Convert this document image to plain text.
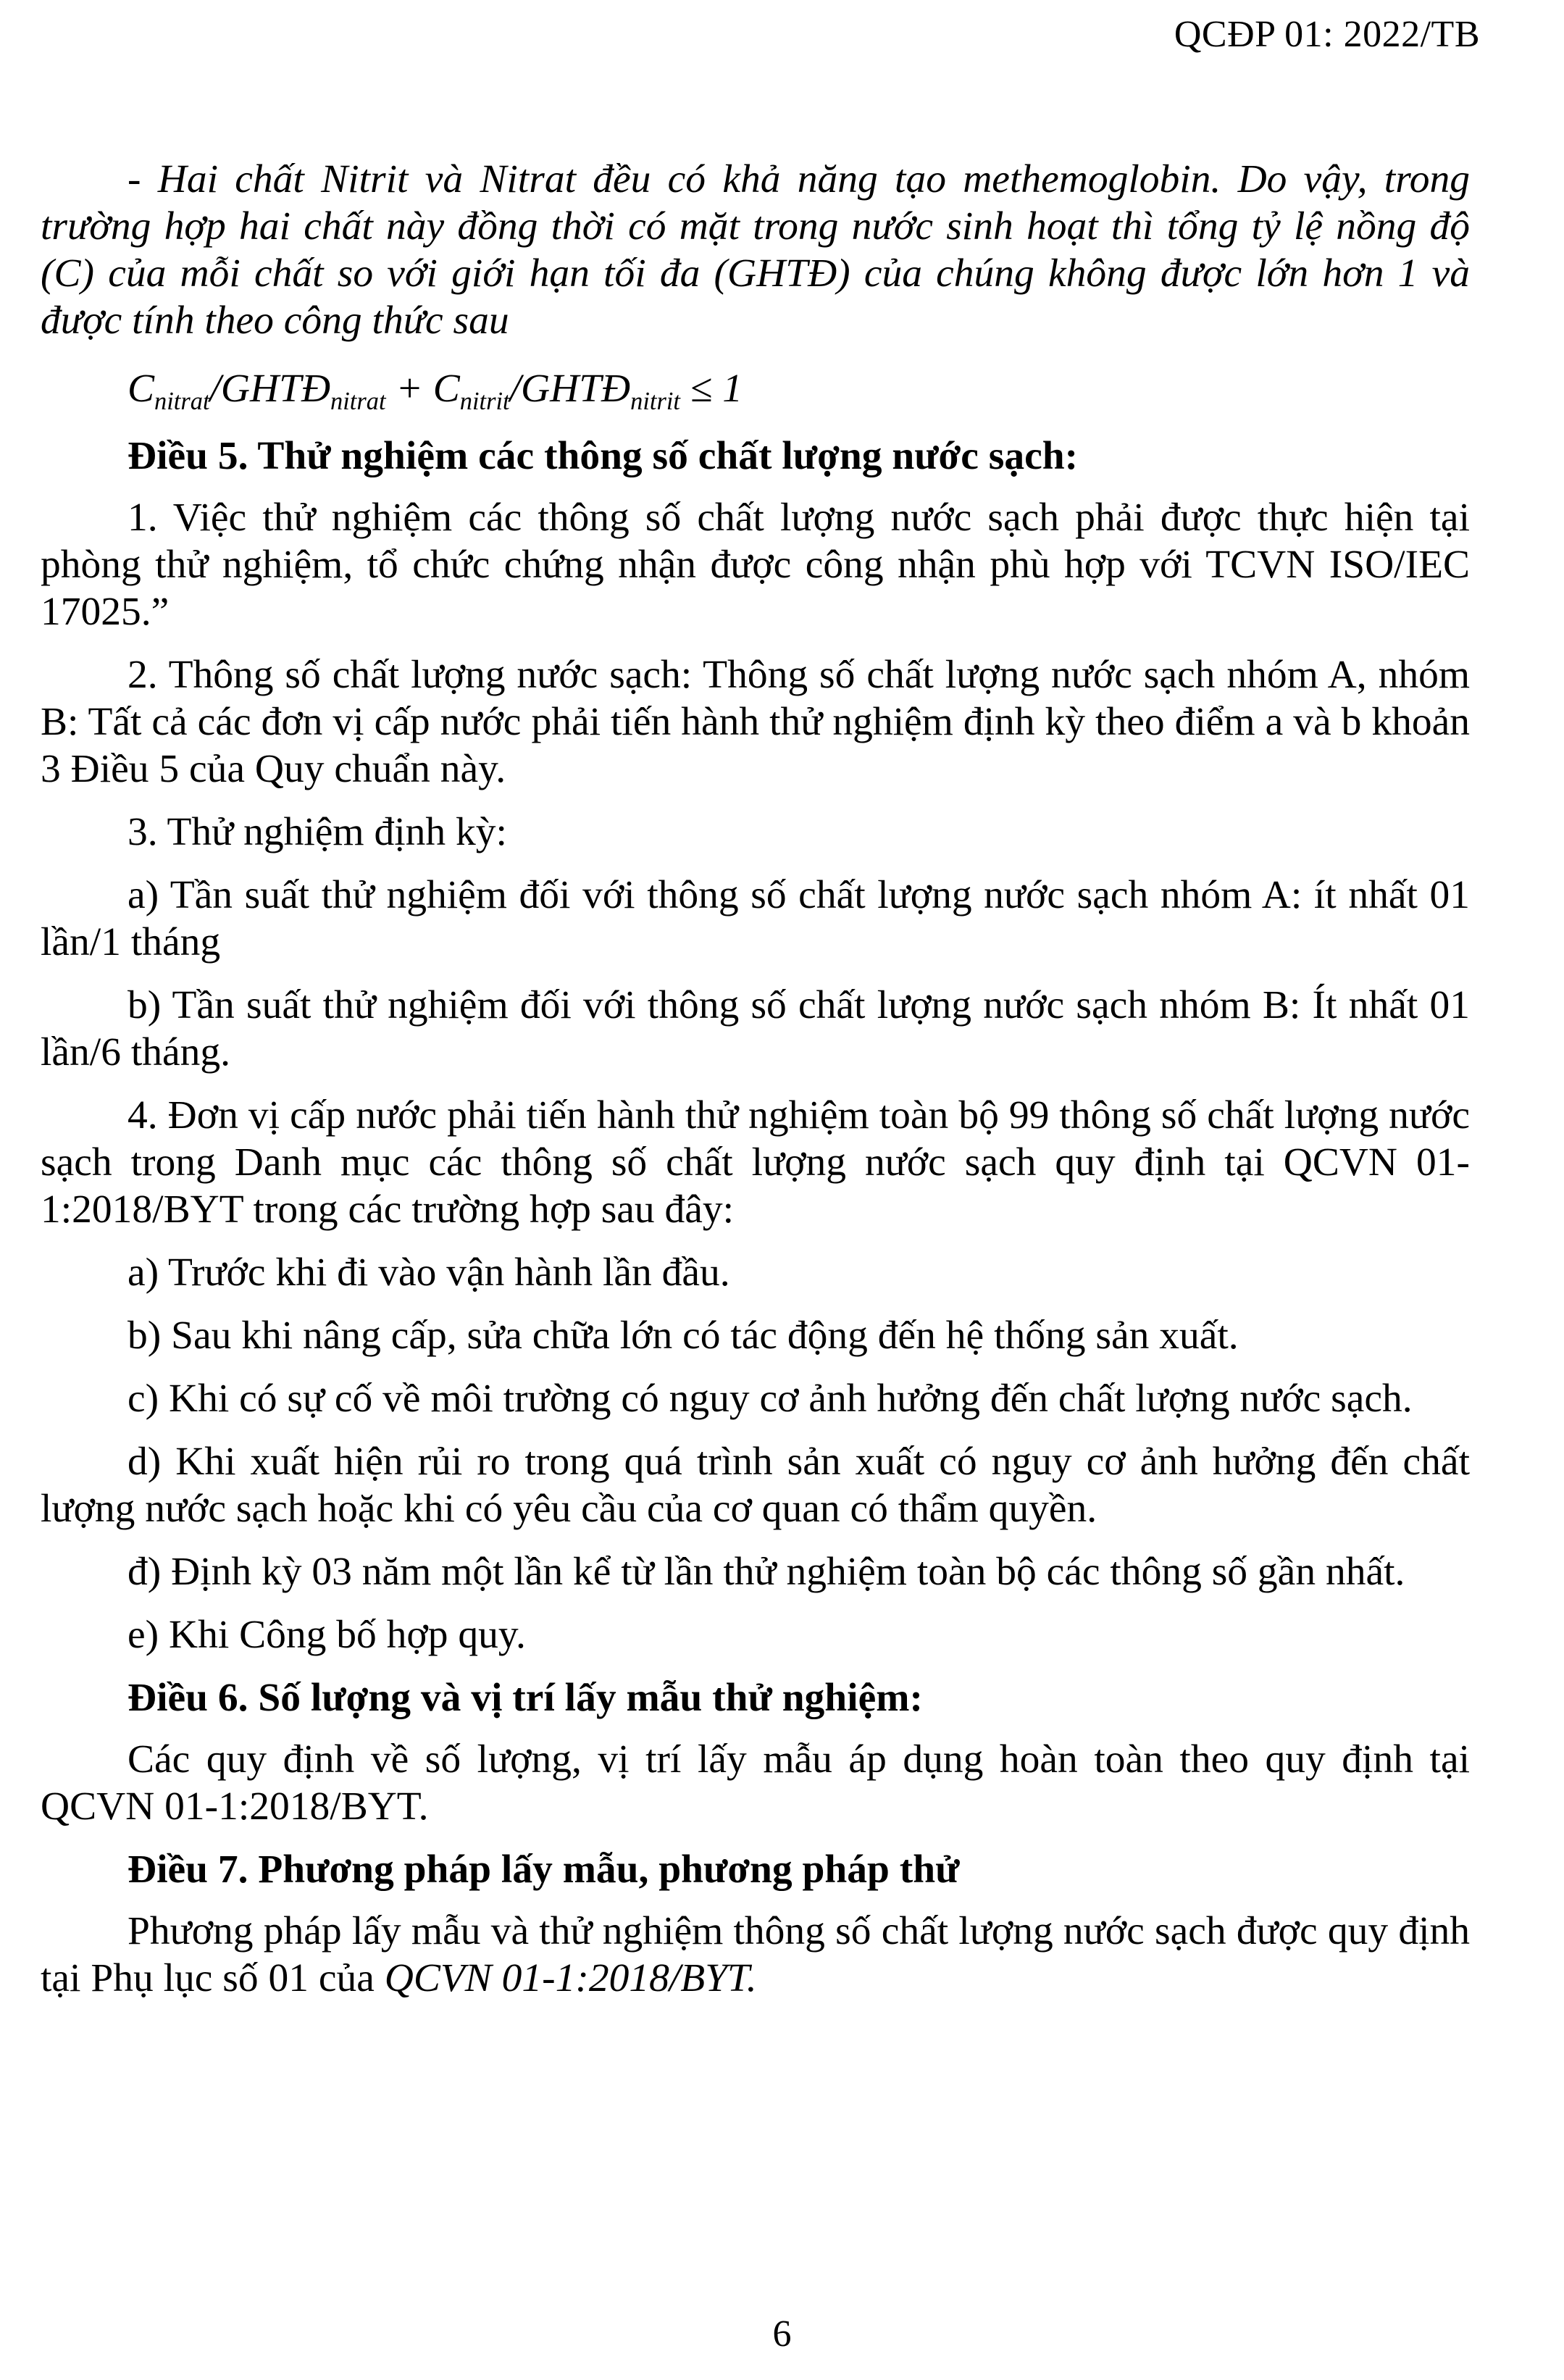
QCĐP 01: 2022/TB

- Hai chất Nitrit và Nitrat đều có khả năng tạo methemoglobin. Do vậy, trong trường hợp hai chất này đồng thời có mặt trong nước sinh hoạt thì tổng tỷ lệ nồng độ (C) của mỗi chất so với giới hạn tối đa (GHTĐ) của chúng không được lớn hơn 1 và được tính theo công thức sau

$C_{nitrat}/GHTĐ_{nitrat}$ + $C_{nitrit}/GHTĐ_{nitrit} \le 1$
Điều 5. Thử nghiệm các thông số chất lượng nước sạch:

1. Việc thử nghiệm các thông số chất lượng nước sạch phải được thực hiện tại phòng thử nghiệm, tổ chức chứng nhận được công nhận phù hợp với TCVN ISO/IEC 17025.”

2. Thông số chất lượng nước sạch: Thông số chất lượng nước sạch nhóm A, nhóm B: Tất cả các đơn vị cấp nước phải tiến hành thử nghiệm định kỳ theo điểm a và b khoản 3 Điều 5 của Quy chuẩn này.

3. Thử nghiệm định kỳ:

a) Tần suất thử nghiệm đối với thông số chất lượng nước sạch nhóm A: ít nhất 01 lần/1 tháng

b) Tần suất thử nghiệm đối với thông số chất lượng nước sạch nhóm B: Ít nhất 01 lần/6 tháng.

4. Đơn vị cấp nước phải tiến hành thử nghiệm toàn bộ 99 thông số chất lượng nước sạch trong Danh mục các thông số chất lượng nước sạch quy định tại QCVN 01-1:2018/BYT trong các trường hợp sau đây:

a) Trước khi đi vào vận hành lần đầu.

b) Sau khi nâng cấp, sửa chữa lớn có tác động đến hệ thống sản xuất.

c) Khi có sự cố về môi trường có nguy cơ ảnh hưởng đến chất lượng nước sạch.

d) Khi xuất hiện rủi ro trong quá trình sản xuất có nguy cơ ảnh hưởng đến chất lượng nước sạch hoặc khi có yêu cầu của cơ quan có thẩm quyền.

đ) Định kỳ 03 năm một lần kể từ lần thử nghiệm toàn bộ các thông số gần nhất.

e) Khi Công bố hợp quy.

Điều 6. Số lượng và vị trí lấy mẫu thử nghiệm:

Các quy định về số lượng, vị trí lấy mẫu áp dụng hoàn toàn theo quy định tại QCVN 01-1:2018/BYT.

Điều 7. Phương pháp lấy mẫu, phương pháp thử

Phương pháp lấy mẫu và thử nghiệm thông số chất lượng nước sạch được quy định tại Phụ lục số 01 của QCVN 01-1:2018/BYT.

6
